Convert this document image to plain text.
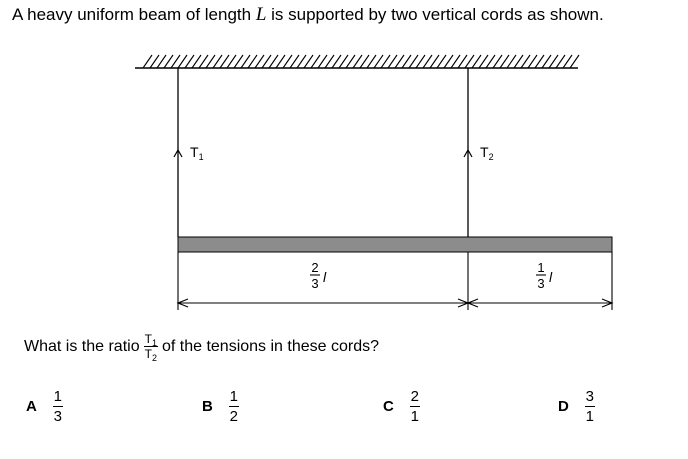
A heavy uniform beam of length L is supported by two vertical cords as shown.
$T_1$	$T_2$
2
3 l
1
3 l
What is the ratio $\frac{T_1}{T_2}$ of the tensions in these cords?
A $\frac{1}{3}$	B $\frac{1}{2}$	C $\frac{2}{1}$	D $\frac{3}{1}$
